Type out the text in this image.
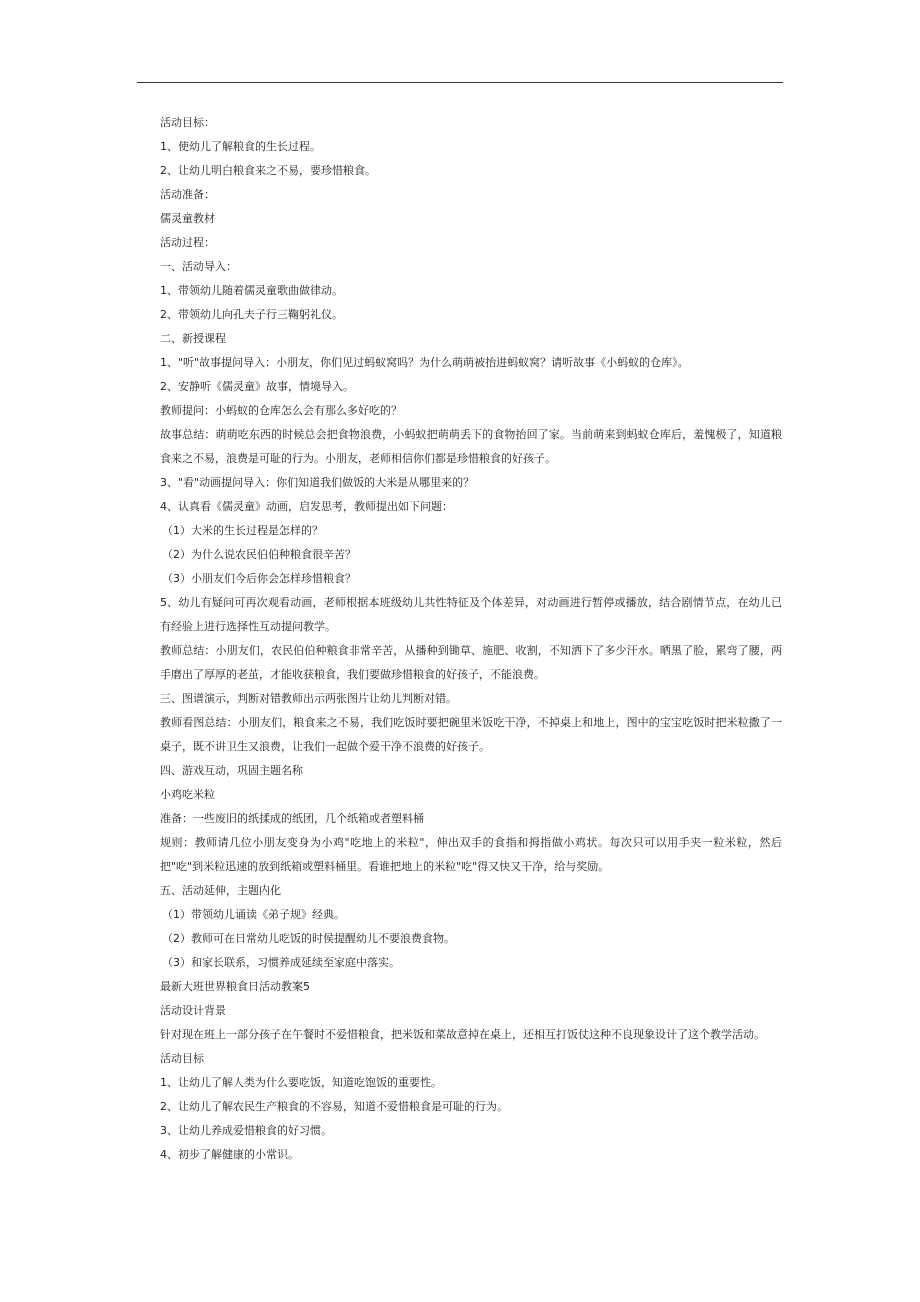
活动目标：

1、使幼儿了解粮食的生长过程。

2、让幼儿明白粮食来之不易，要珍惜粮食。

活动准备：

儒灵童教材

活动过程：

一、活动导入：

1、带领幼儿随着儒灵童歌曲做律动。

2、带领幼儿向孔夫子行三鞠躬礼仪。

二、新授课程

1、"听"故事提问导入：小朋友，你们见过蚂蚁窝吗？为什么萌萌被抬进蚂蚁窝？请听故事《小蚂蚁的仓库》。

2、安静听《儒灵童》故事，情境导入。

教师提问：小蚂蚁的仓库怎么会有那么多好吃的？

故事总结：萌萌吃东西的时候总会把食物浪费，小蚂蚁把萌萌丢下的食物抬回了家。当前萌来到蚂蚁仓库后，羞愧极了，知道粮食来之不易，浪费是可耻的行为。小朋友，老师相信你们都是珍惜粮食的好孩子。

3、"看"动画提问导入：你们知道我们做饭的大米是从哪里来的？

4、认真看《儒灵童》动画，启发思考，教师提出如下问题：

（1）大米的生长过程是怎样的？

（2）为什么说农民伯伯种粮食很辛苦？

（3）小朋友们今后你会怎样珍惜粮食？

5、幼儿有疑问可再次观看动画，老师根据本班级幼儿共性特征及个体差异，对动画进行暂停或播放，结合剧情节点，在幼儿已有经验上进行选择性互动提问教学。

教师总结：小朋友们，农民伯伯种粮食非常辛苦，从播种到锄草、施肥、收割，不知洒下了多少汗水。晒黑了脸，累弯了腰，两手磨出了厚厚的老茧，才能收获粮食，我们要做珍惜粮食的好孩子，不能浪费。

三、图谱演示，判断对错教师出示两张图片让幼儿判断对错。

教师看图总结：小朋友们，粮食来之不易，我们吃饭时要把碗里米饭吃干净，不掉桌上和地上，图中的宝宝吃饭时把米粒撒了一桌子，既不讲卫生又浪费，让我们一起做个爱干净不浪费的好孩子。

四、游戏互动，巩固主题名称

小鸡吃米粒

准备：一些废旧的纸揉成的纸团，几个纸箱或者塑料桶

规则：教师请几位小朋友变身为小鸡"吃地上的米粒"，伸出双手的食指和拇指做小鸡状。每次只可以用手夹一粒米粒，然后把"吃"到米粒迅速的放到纸箱或塑料桶里。看谁把地上的米粒"吃"得又快又干净，给与奖励。

五、活动延伸，主题内化

（1）带领幼儿诵读《弟子规》经典。

（2）教师可在日常幼儿吃饭的时侯提醒幼儿不要浪费食物。

（3）和家长联系，习惯养成延续至家庭中落实。

最新大班世界粮食日活动教案5

活动设计背景

针对现在班上一部分孩子在午餐时不爱惜粮食，把米饭和菜故意掉在桌上，还相互打饭仗这种不良现象设计了这个教学活动。

活动目标

1、让幼儿了解人类为什么要吃饭，知道吃饱饭的重要性。

2、让幼儿了解农民生产粮食的不容易，知道不爱惜粮食是可耻的行为。

3、让幼儿养成爱惜粮食的好习惯。

4、初步了解健康的小常识。
